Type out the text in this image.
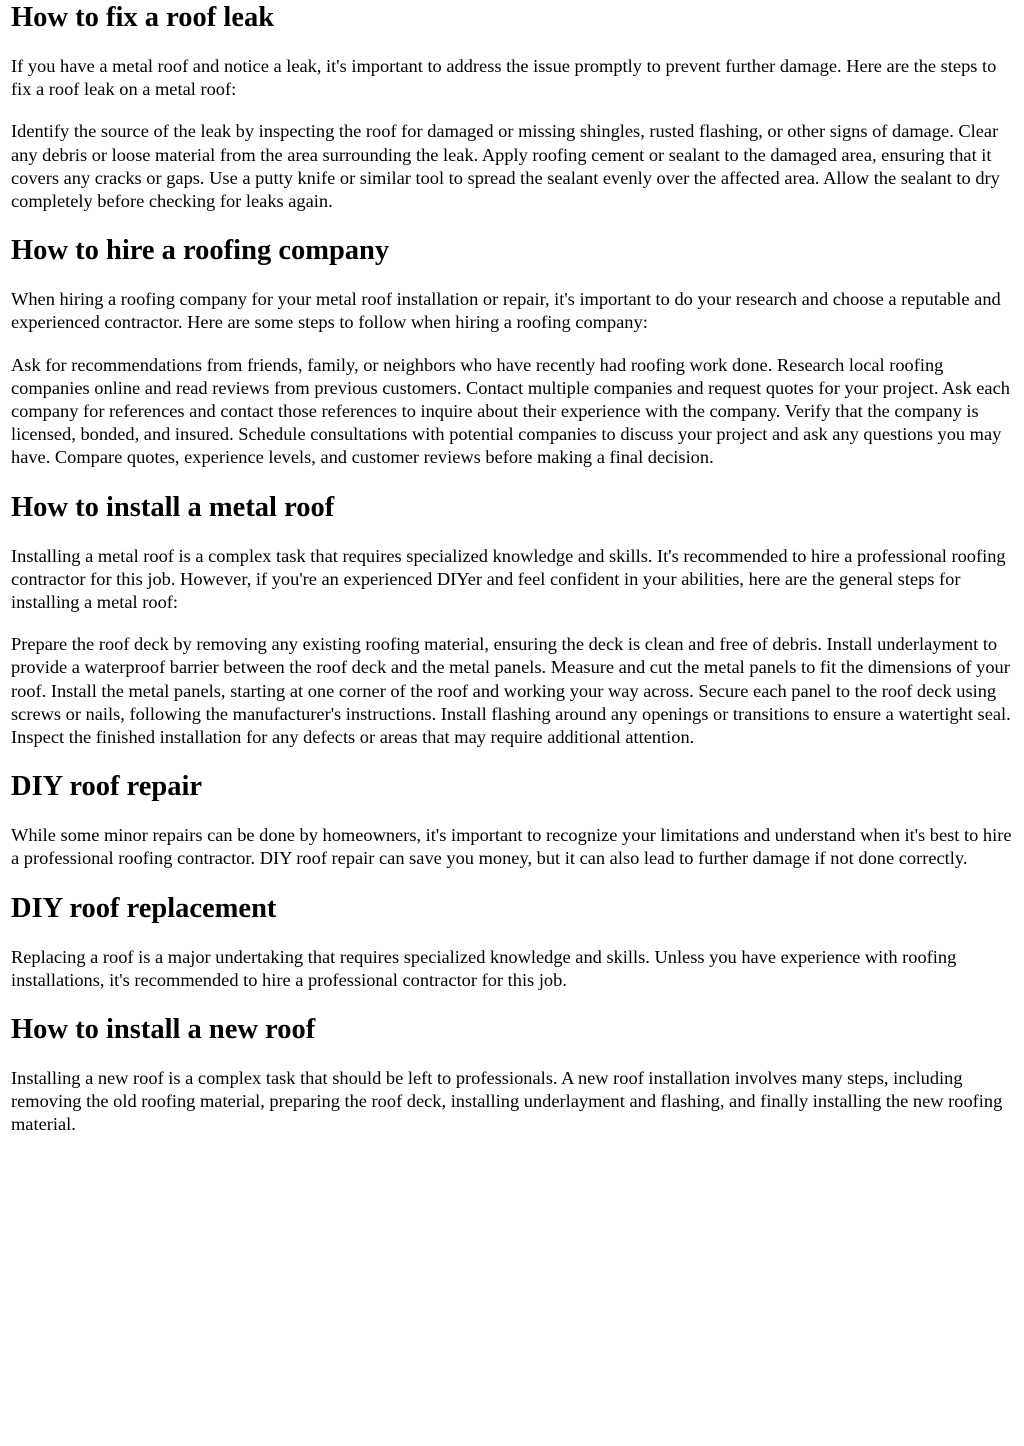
How to fix a roof leak

If you have a metal roof and notice a leak, it's important to address the issue promptly to prevent further damage. Here are the steps to fix a roof leak on a metal roof:

Identify the source of the leak by inspecting the roof for damaged or missing shingles, rusted flashing, or other signs of damage. Clear any debris or loose material from the area surrounding the leak. Apply roofing cement or sealant to the damaged area, ensuring that it covers any cracks or gaps. Use a putty knife or similar tool to spread the sealant evenly over the affected area. Allow the sealant to dry completely before checking for leaks again.

How to hire a roofing company

When hiring a roofing company for your metal roof installation or repair, it's important to do your research and choose a reputable and experienced contractor. Here are some steps to follow when hiring a roofing company:

Ask for recommendations from friends, family, or neighbors who have recently had roofing work done. Research local roofing companies online and read reviews from previous customers. Contact multiple companies and request quotes for your project. Ask each company for references and contact those references to inquire about their experience with the company. Verify that the company is licensed, bonded, and insured. Schedule consultations with potential companies to discuss your project and ask any questions you may have. Compare quotes, experience levels, and customer reviews before making a final decision.

How to install a metal roof

Installing a metal roof is a complex task that requires specialized knowledge and skills. It's recommended to hire a professional roofing contractor for this job. However, if you're an experienced DIYer and feel confident in your abilities, here are the general steps for installing a metal roof:

Prepare the roof deck by removing any existing roofing material, ensuring the deck is clean and free of debris. Install underlayment to provide a waterproof barrier between the roof deck and the metal panels. Measure and cut the metal panels to fit the dimensions of your roof. Install the metal panels, starting at one corner of the roof and working your way across. Secure each panel to the roof deck using screws or nails, following the manufacturer's instructions. Install flashing around any openings or transitions to ensure a watertight seal. Inspect the finished installation for any defects or areas that may require additional attention.

DIY roof repair

While some minor repairs can be done by homeowners, it's important to recognize your limitations and understand when it's best to hire a professional roofing contractor. DIY roof repair can save you money, but it can also lead to further damage if not done correctly.

DIY roof replacement

Replacing a roof is a major undertaking that requires specialized knowledge and skills. Unless you have experience with roofing installations, it's recommended to hire a professional contractor for this job.

How to install a new roof

Installing a new roof is a complex task that should be left to professionals. A new roof installation involves many steps, including removing the old roofing material, preparing the roof deck, installing underlayment and flashing, and finally installing the new roofing material.
